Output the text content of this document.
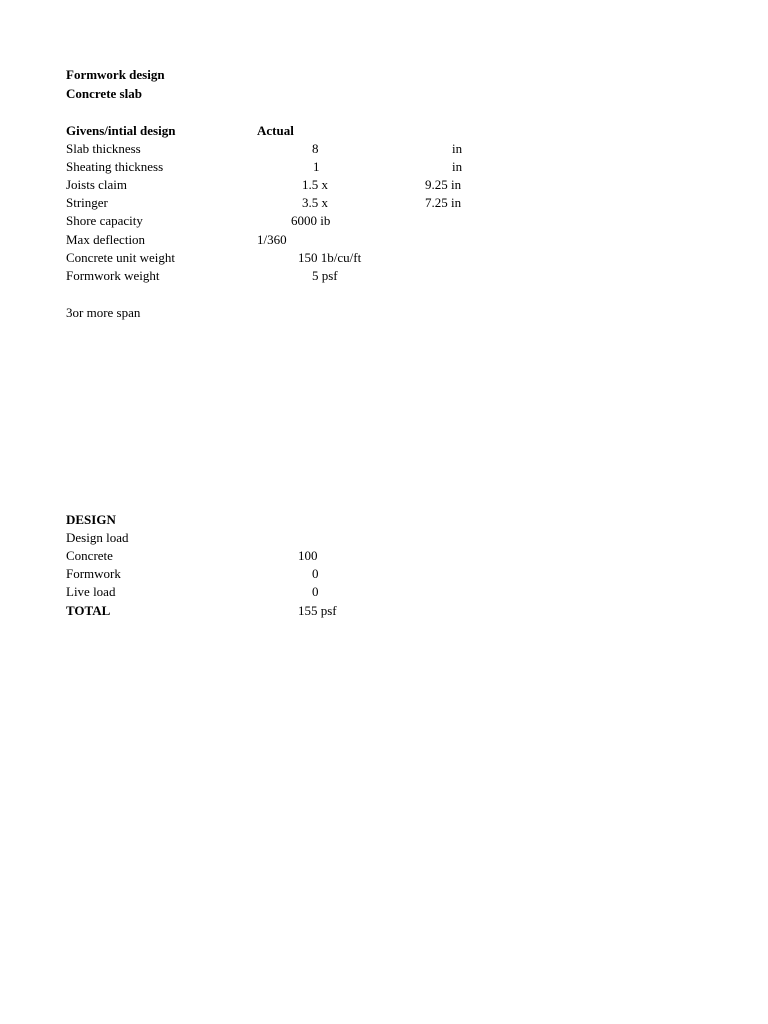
Formwork design
Concrete slab
Givens/intial design	Actual
Slab thickness	8	in
Sheating thickness	1	in
Joists claim	1.5 x	9.25 in
Stringer	3.5 x	7.25 in
Shore capacity	6000 ib
Max deflection	1/360
Concrete unit weight	150 1b/cu/ft
Formwork weight	5 psf
3or more span
DESIGN
Design load
Concrete	100
Formwork	0
Live load	0
TOTAL	155 psf
